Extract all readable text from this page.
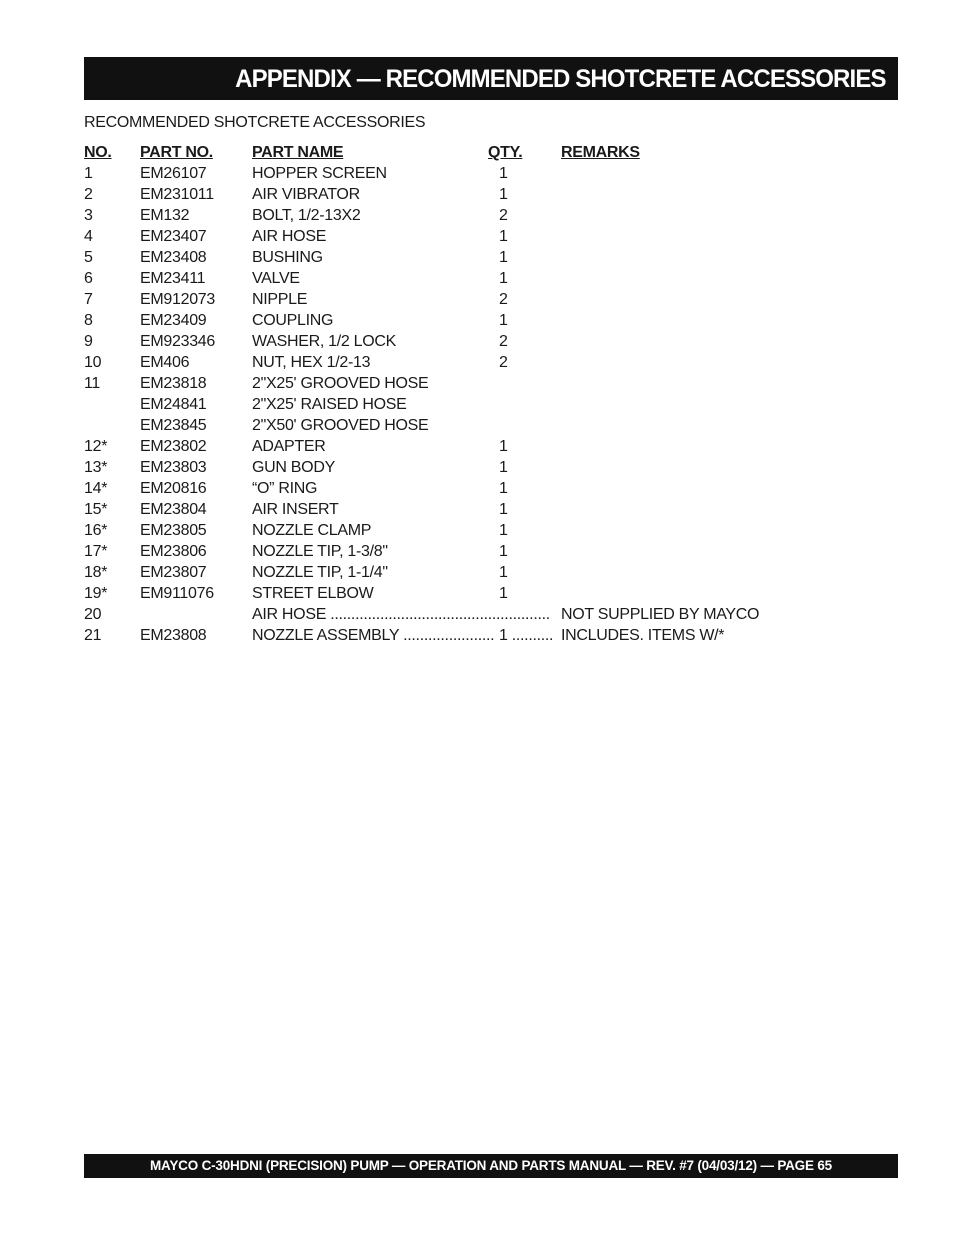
APPENDIX — RECOMMENDED SHOTCRETE ACCESSORIES
RECOMMENDED SHOTCRETE ACCESSORIES
NO. PART NO. PART NAME	QTY. REMARKS
1	EM26107	HOPPER SCREEN	1
2	EM231011 AIR VIBRATOR	1
3	EM132	BOLT, 1/2-13X2	2
4	EM23407	AIR HOSE	1
5	EM23408	BUSHING	1
6	EM23411	VALVE	1
7	EM912073 NIPPLE	2
8	EM23409	COUPLING	1
9	EM923346 WASHER, 1/2 LOCK	2
10 EM406	NUT, HEX 1/2-13	2
11 EM23818	2"X25' GROOVED HOSE
EM24841	2"X25' RAISED HOSE
EM23845	2"X50' GROOVED HOSE
12* EM23802	ADAPTER	1
13* EM23803	GUN BODY	1
14* EM20816	“O” RING	1
15* EM23804	AIR INSERT	1
16* EM23805	NOZZLE CLAMP	1
17* EM23806	NOZZLE TIP, 1-3/8"	1
18* EM23807	NOZZLE TIP, 1-1/4"	1
19* EM911076 STREET ELBOW	1
20	AIR HOSE ..................................................... NOT SUPPLIED BY MAYCO
21 EM23808	NOZZLE ASSEMBLY ...................... 1 .......... INCLUDES. ITEMS W/*
MAYCO C-30HDNI (PRECISION) PUMP — OPERATION AND PARTS MANUAL — REV. #7 (04/03/12) — PAGE 65
